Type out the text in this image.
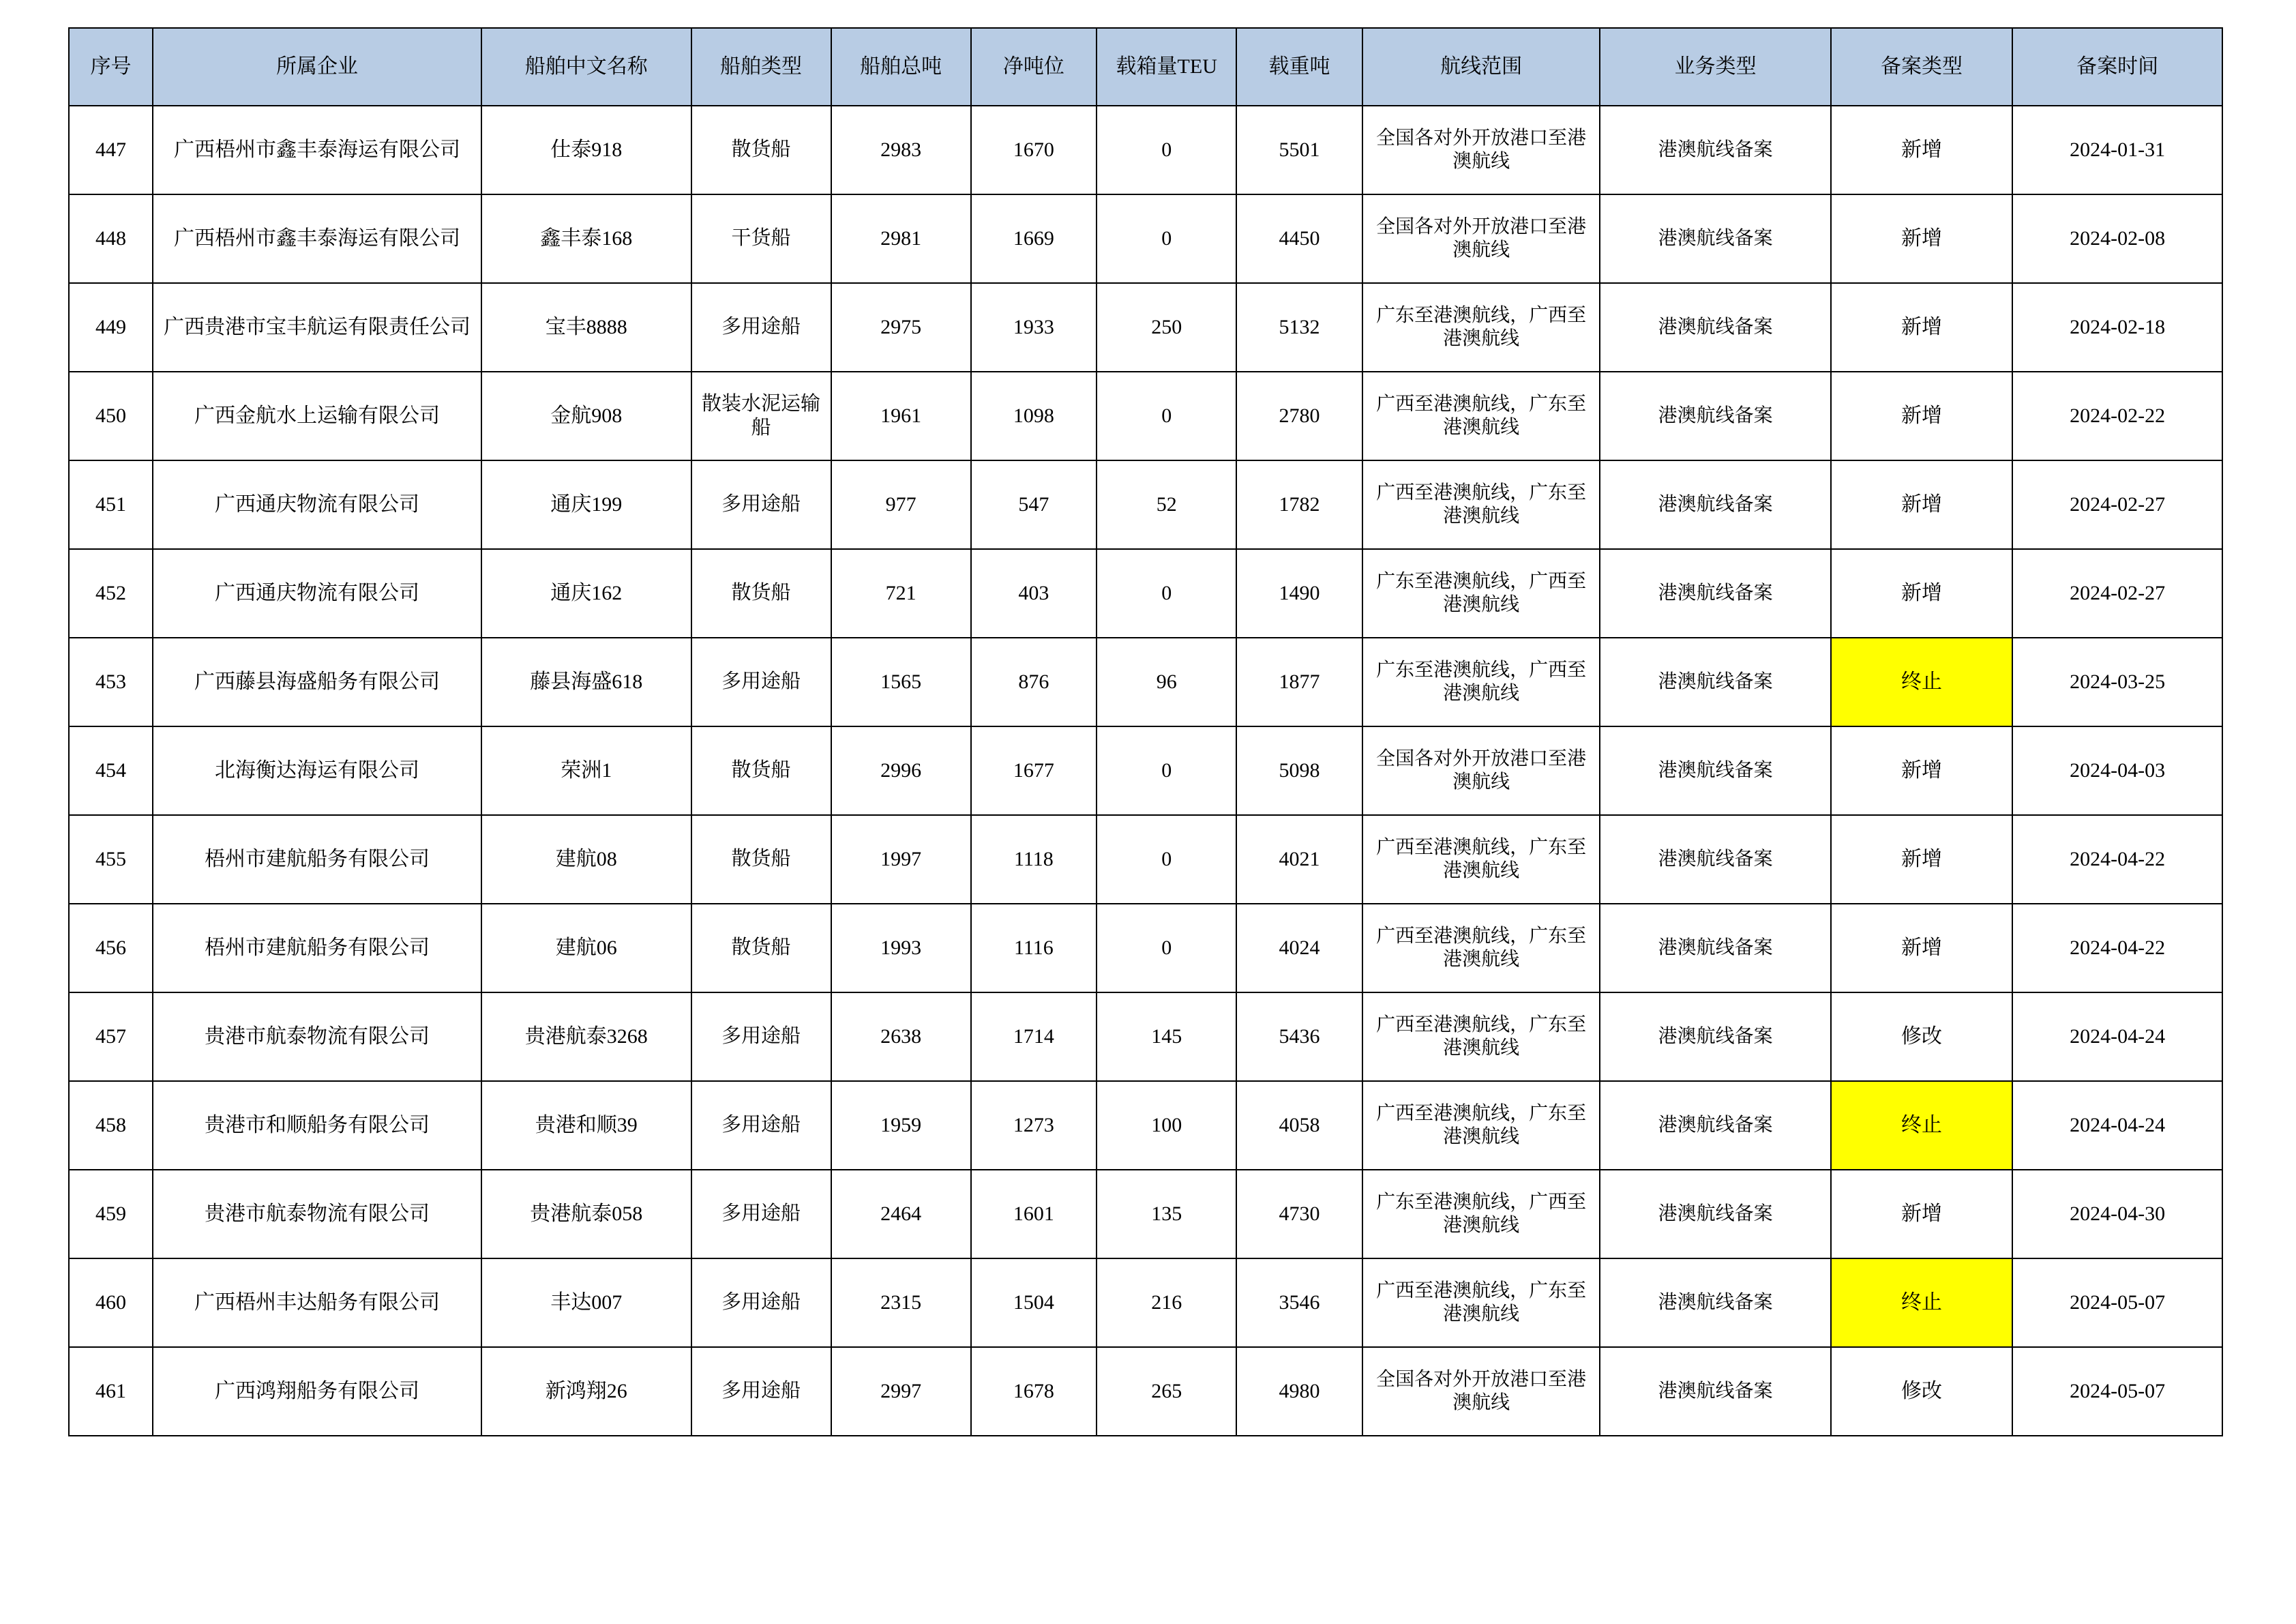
序号	所属企业	船舶中文名称	船舶类型	船舶总吨	净吨位	载箱量TEU	载重吨	航线范围	业务类型	备案类型	备案时间
447	广西梧州市鑫丰泰海运有限公司	仕泰918	散货船	2983	1670	0	5501	全国各对外开放港口至港澳航线	港澳航线备案	新增	2024-01-31
448	广西梧州市鑫丰泰海运有限公司	鑫丰泰168	干货船	2981	1669	0	4450	全国各对外开放港口至港澳航线	港澳航线备案	新增	2024-02-08
449	广西贵港市宝丰航运有限责任公司	宝丰8888	多用途船	2975	1933	250	5132	广东至港澳航线，广西至港澳航线	港澳航线备案	新增	2024-02-18
450	广西金航水上运输有限公司	金航908	散装水泥运输船	1961	1098	0	2780	广西至港澳航线，广东至港澳航线	港澳航线备案	新增	2024-02-22
451	广西通庆物流有限公司	通庆199	多用途船	977	547	52	1782	广西至港澳航线，广东至港澳航线	港澳航线备案	新增	2024-02-27
452	广西通庆物流有限公司	通庆162	散货船	721	403	0	1490	广东至港澳航线，广西至港澳航线	港澳航线备案	新增	2024-02-27
453	广西藤县海盛船务有限公司	藤县海盛618	多用途船	1565	876	96	1877	广东至港澳航线，广西至港澳航线	港澳航线备案	终止	2024-03-25
454	北海衡达海运有限公司	荣洲1	散货船	2996	1677	0	5098	全国各对外开放港口至港澳航线	港澳航线备案	新增	2024-04-03
455	梧州市建航船务有限公司	建航08	散货船	1997	1118	0	4021	广西至港澳航线，广东至港澳航线	港澳航线备案	新增	2024-04-22
456	梧州市建航船务有限公司	建航06	散货船	1993	1116	0	4024	广西至港澳航线，广东至港澳航线	港澳航线备案	新增	2024-04-22
457	贵港市航泰物流有限公司	贵港航泰3268	多用途船	2638	1714	145	5436	广西至港澳航线，广东至港澳航线	港澳航线备案	修改	2024-04-24
458	贵港市和顺船务有限公司	贵港和顺39	多用途船	1959	1273	100	4058	广西至港澳航线，广东至港澳航线	港澳航线备案	终止	2024-04-24
459	贵港市航泰物流有限公司	贵港航泰058	多用途船	2464	1601	135	4730	广东至港澳航线，广西至港澳航线	港澳航线备案	新增	2024-04-30
460	广西梧州丰达船务有限公司	丰达007	多用途船	2315	1504	216	3546	广西至港澳航线，广东至港澳航线	港澳航线备案	终止	2024-05-07
461	广西鸿翔船务有限公司	新鸿翔26	多用途船	2997	1678	265	4980	全国各对外开放港口至港澳航线	港澳航线备案	修改	2024-05-07
